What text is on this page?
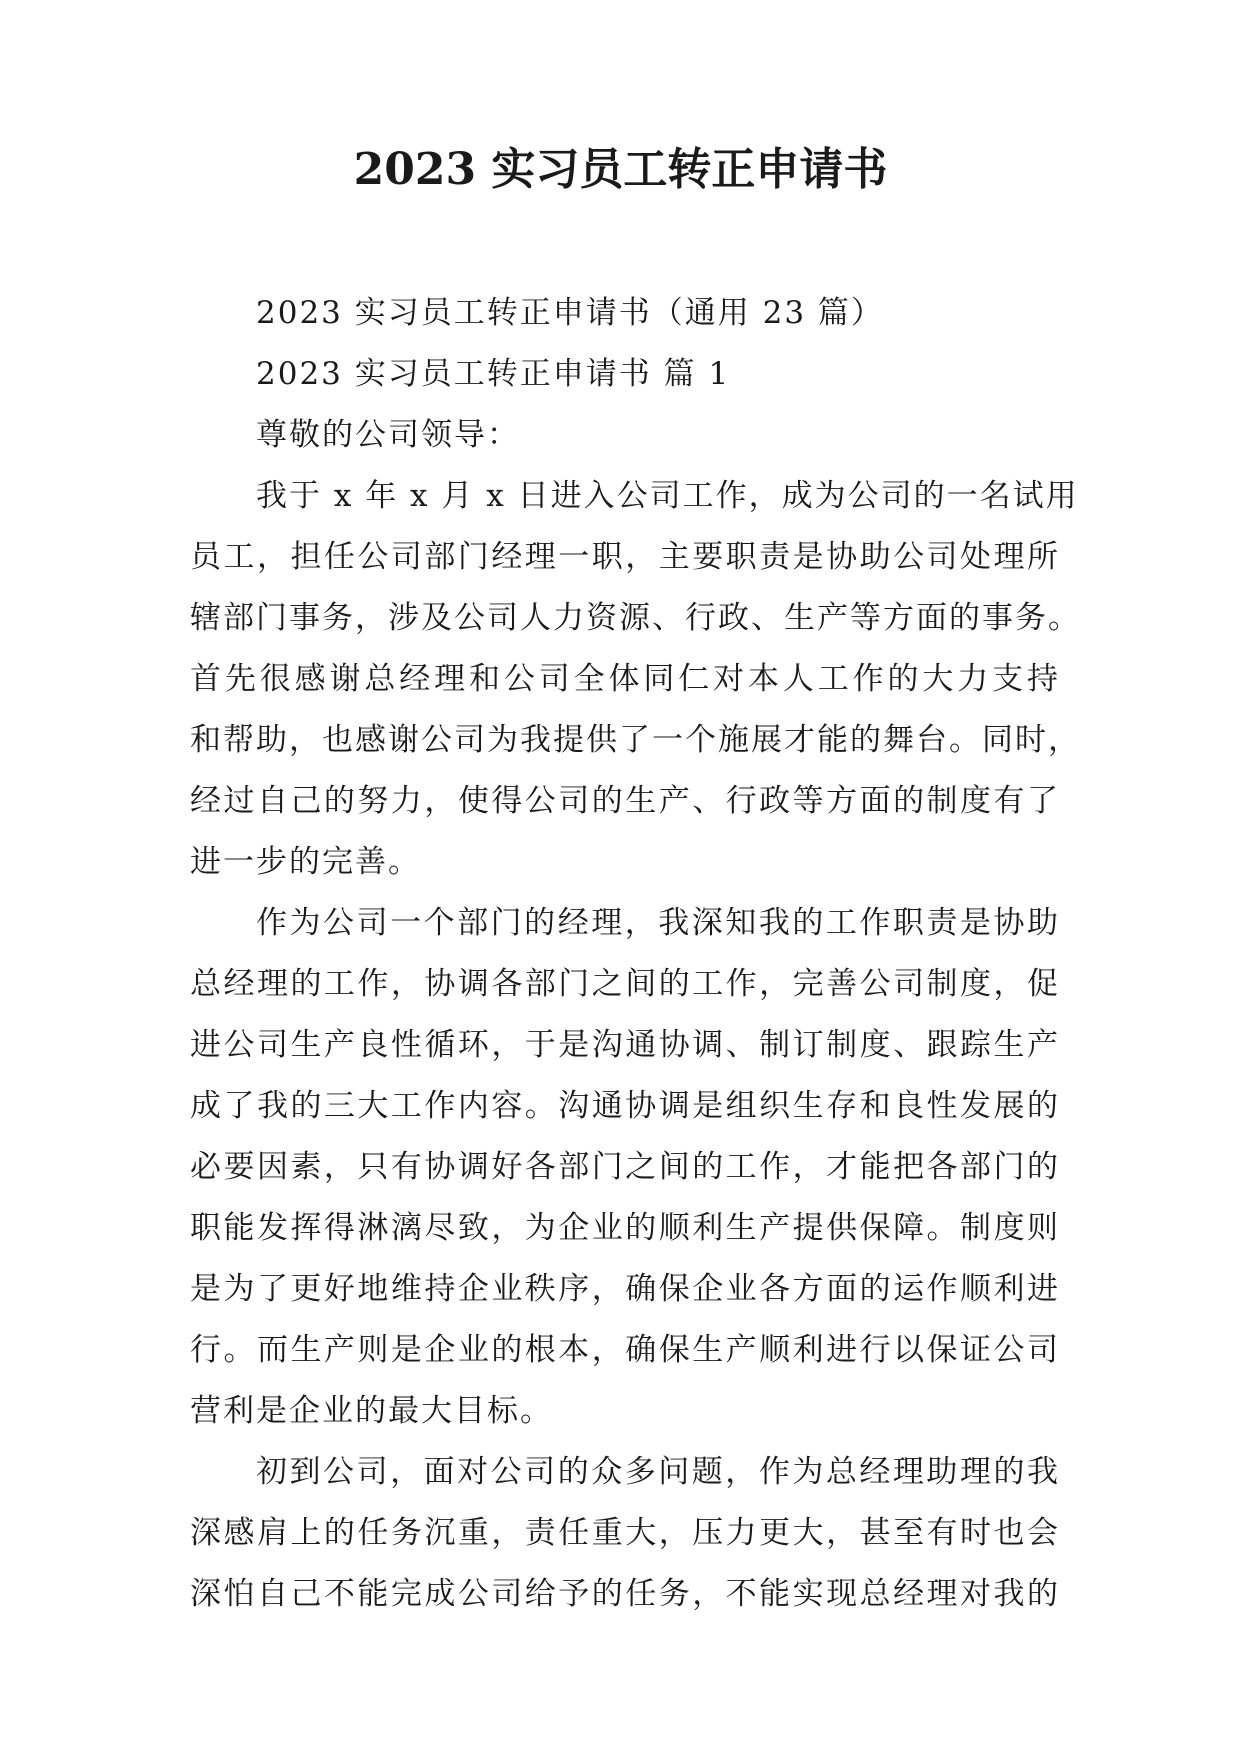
2023 实习员工转正申请书

2023 实习员工转正申请书（通用 23 篇）

2023 实习员工转正申请书 篇 1

尊敬的公司领导：

我于 x 年 x 月 x 日进入公司工作，成为公司的一名试用
员工，担任公司部门经理一职，主要职责是协助公司处理所
辖部门事务，涉及公司人力资源、行政、生产等方面的事务。
首先很感谢总经理和公司全体同仁对本人工作的大力支持
和帮助，也感谢公司为我提供了一个施展才能的舞台。同时，
经过自己的努力，使得公司的生产、行政等方面的制度有了
进一步的完善。
作为公司一个部门的经理，我深知我的工作职责是协助
总经理的工作，协调各部门之间的工作，完善公司制度，促
进公司生产良性循环，于是沟通协调、制订制度、跟踪生产
成了我的三大工作内容。沟通协调是组织生存和良性发展的
必要因素，只有协调好各部门之间的工作，才能把各部门的
职能发挥得淋漓尽致，为企业的顺利生产提供保障。制度则
是为了更好地维持企业秩序，确保企业各方面的运作顺利进
行。而生产则是企业的根本，确保生产顺利进行以保证公司
营利是企业的最大目标。
初到公司，面对公司的众多问题，作为总经理助理的我
深感肩上的任务沉重，责任重大，压力更大，甚至有时也会
深怕自己不能完成公司给予的任务，不能实现总经理对我的
